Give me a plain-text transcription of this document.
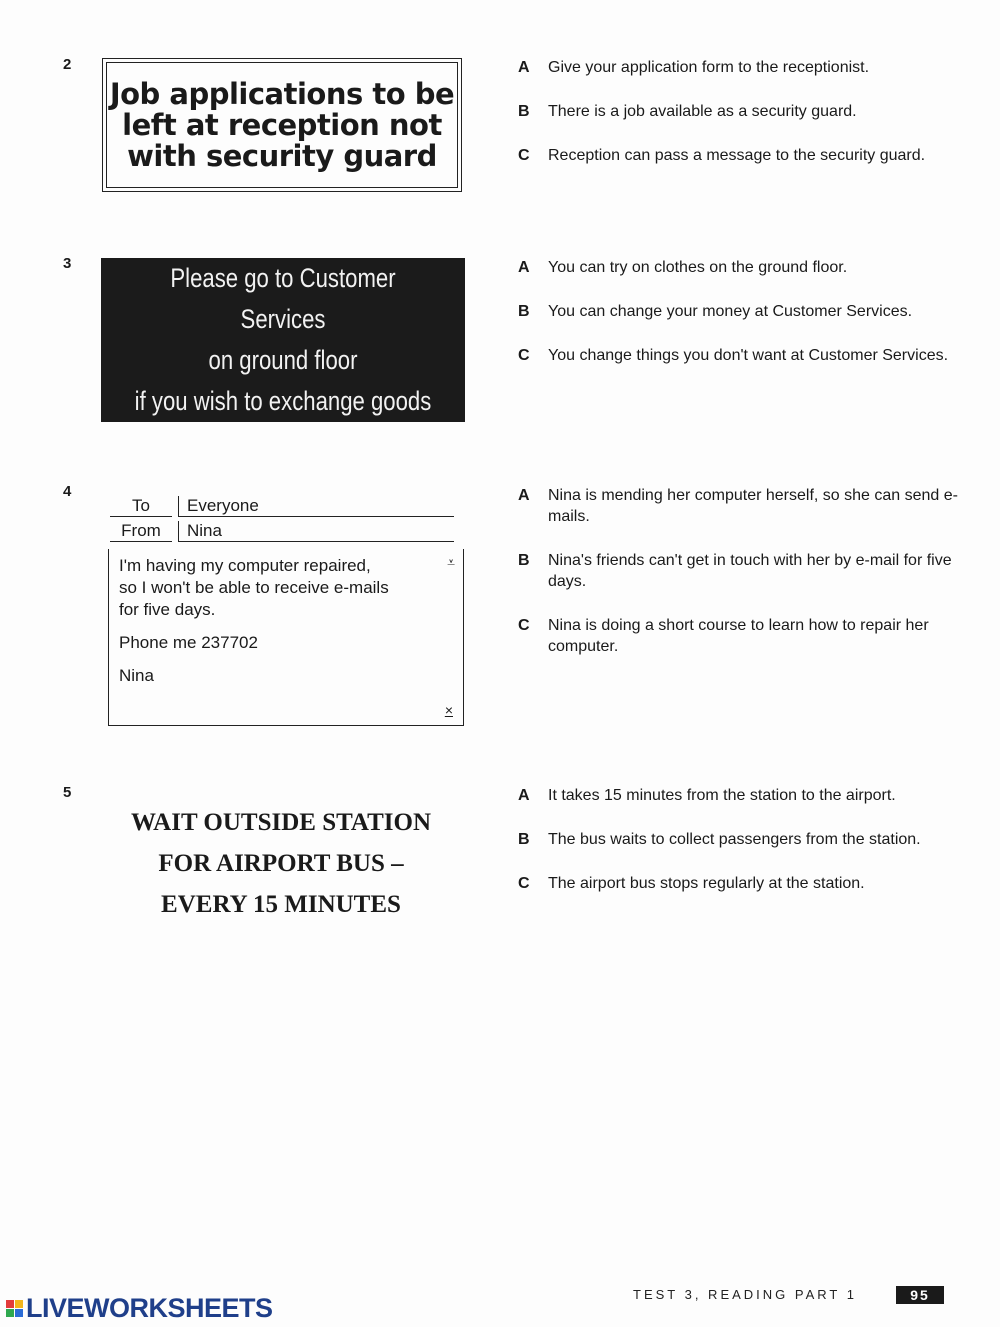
2
Job applications to be
left at reception not
with security guard
A	Give your application form to the receptionist.
B	There is a job available as a security guard.
C	Reception can pass a message to the security guard.
3	Please go to Customer Services
on ground floor
if you wish to exchange goods
A	You can try on clothes on the ground floor.
B	You can change your money at Customer Services.
C	You change things you don't want at Customer Services.
4
To	Everyone
From	Nina
⩡

I'm having my computer repaired,
so I won't be able to receive e-mails
for five days.

Phone me 237702

Nina

×
A	Nina is mending her computer herself, so she can send e-mails.
B	Nina's friends can't get in touch with her by e-mail for five days.
C	Nina is doing a short course to learn how to repair her computer.
5
WAIT OUTSIDE STATION
FOR AIRPORT BUS –
EVERY 15 MINUTES
A	It takes 15 minutes from the station to the airport.
B	The bus waits to collect passengers from the station.
C	The airport bus stops regularly at the station.
LIVEWORKSHEETS	TEST 3, READING PART 1	95
